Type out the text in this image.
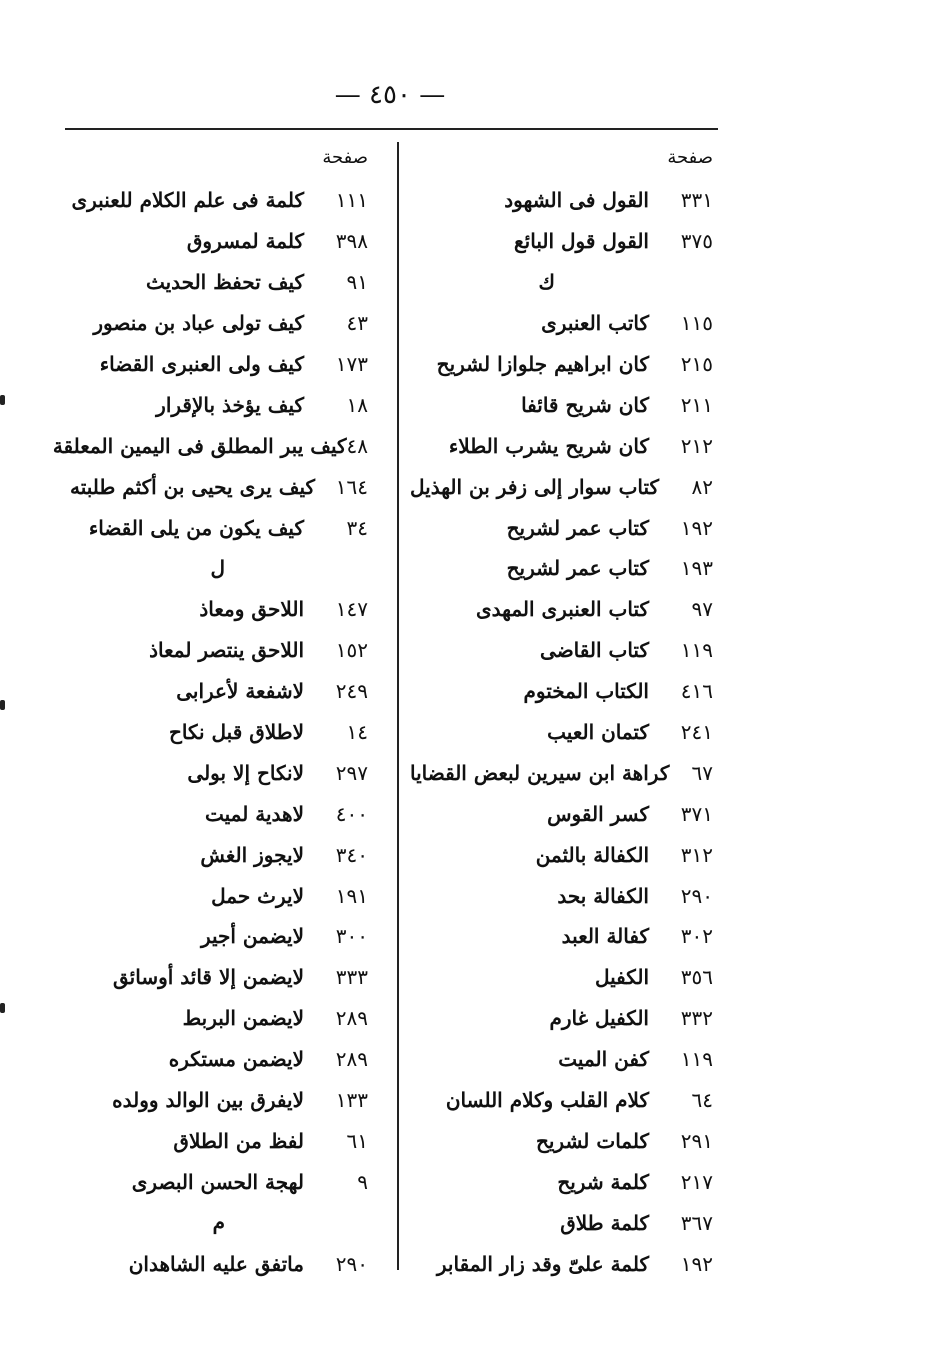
— ٤٥٠ —
صفحة
٣٣١
القول فى الشهود
٣٧٥
القول قول البائع
ك
١١٥
كاتب العنبرى
٢١٥
كان ابراهيم جلوازا لشريح
٢١١
كان شريح قائفا
٢١٢
كان شريح يشرب الطلاء
٨٢
كتاب سوار إلى زفر بن الهذيل
١٩٢
كتاب عمر لشريح
١٩٣
كتاب عمر لشريح
٩٧
كتاب العنبرى المهدى
١١٩
كتاب القاضى
٤١٦
الكتاب المختوم
٢٤١
كتمان العيب
٦٧
كراهة ابن سيرين لبعض القضايا
٣٧١
كسر القوس
٣١٢
الكفالة بالثمن
٢٩٠
الكفالة بحد
٣٠٢
كفالة العبد
٣٥٦
الكفيل
٣٣٢
الكفيل غارم
١١٩
كفن الميت
٦٤
كلام القلب وكلام اللسان
٢٩١
كلمات لشريح
٢١٧
كلمة شريح
٣٦٧
كلمة طلاق
١٩٢
كلمة علىّ وقد زار المقابر
صفحة
١١١
كلمة فى علم الكلام للعنبرى
٣٩٨
كلمة لمسروق
٩١
كيف تحفظ الحديث
٤٣
كيف تولى عباد بن منصور
١٧٣
كيف ولى العنبرى القضاء
١٨
كيف يؤخذ بالإقرار
٤٨
كيف يبر المطلق فى اليمين المعلقة
١٦٤
كيف يرى يحيى بن أكثم طلبته
٣٤
كيف يكون من يلى القضاء
ل
١٤٧
اللاحق ومعاذ
١٥٢
اللاحق ينتصر لمعاذ
٢٤٩
لاشفعة لأعرابى
١٤
لاطلاق قبل نكاح
٢٩٧
لانكاح إلا بولى
٤٠٠
لاهدية لميت
٣٤٠
لايجوز الغش
١٩١
لايرث حمل
٣٠٠
لايضمن أجير
٣٣٣
لايضمن إلا قائد أوسائق
٢٨٩
لايضمن البربط
٢٨٩
لايضمن مستكره
١٣٣
لايفرق بين الوالد وولده
٦١
لفظ من الطلاق
٩
لهجة الحسن البصرى
م
٢٩٠
ماتفق عليه الشاهدان
